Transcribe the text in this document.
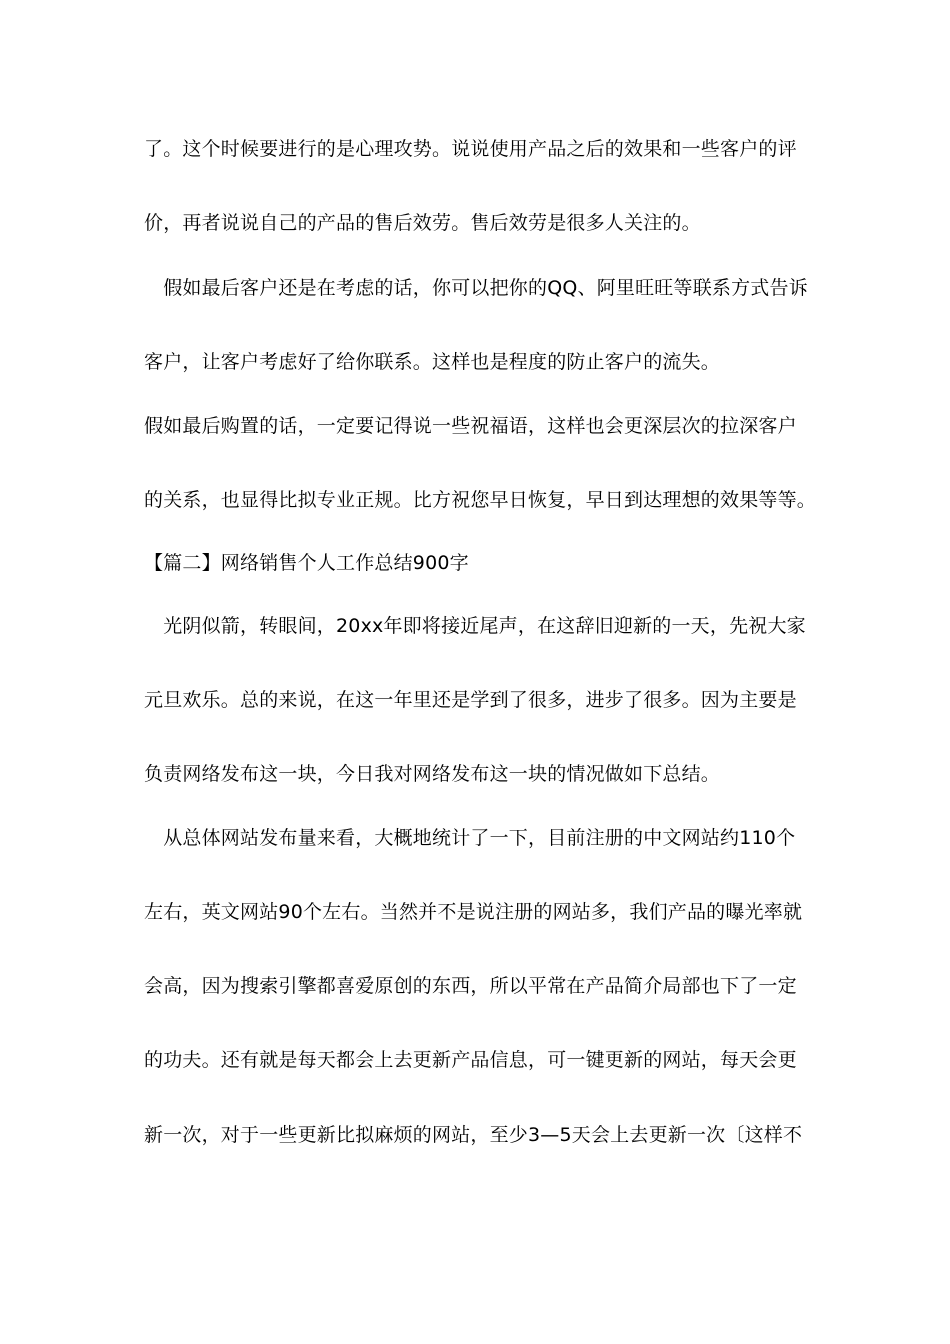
了。这个时候要进行的是心理攻势。说说使用产品之后的效果和一些客户的评
价，再者说说自己的产品的售后效劳。售后效劳是很多人关注的。
　假如最后客户还是在考虑的话，你可以把你的QQ、阿里旺旺等联系方式告诉
客户，让客户考虑好了给你联系。这样也是程度的防止客户的流失。
假如最后购置的话，一定要记得说一些祝福语，这样也会更深层次的拉深客户
的关系，也显得比拟专业正规。比方祝您早日恢复，早日到达理想的效果等等。
【篇二】网络销售个人工作总结900字
　光阴似箭，转眼间，20xx年即将接近尾声，在这辞旧迎新的一天，先祝大家
元旦欢乐。总的来说，在这一年里还是学到了很多，进步了很多。因为主要是
负责网络发布这一块，今日我对网络发布这一块的情况做如下总结。
　从总体网站发布量来看，大概地统计了一下，目前注册的中文网站约110个
左右，英文网站90个左右。当然并不是说注册的网站多，我们产品的曝光率就
会高，因为搜索引擎都喜爱原创的东西，所以平常在产品简介局部也下了一定
的功夫。还有就是每天都会上去更新产品信息，可一键更新的网站，每天会更
新一次，对于一些更新比拟麻烦的网站，至少3—5天会上去更新一次〔这样不
